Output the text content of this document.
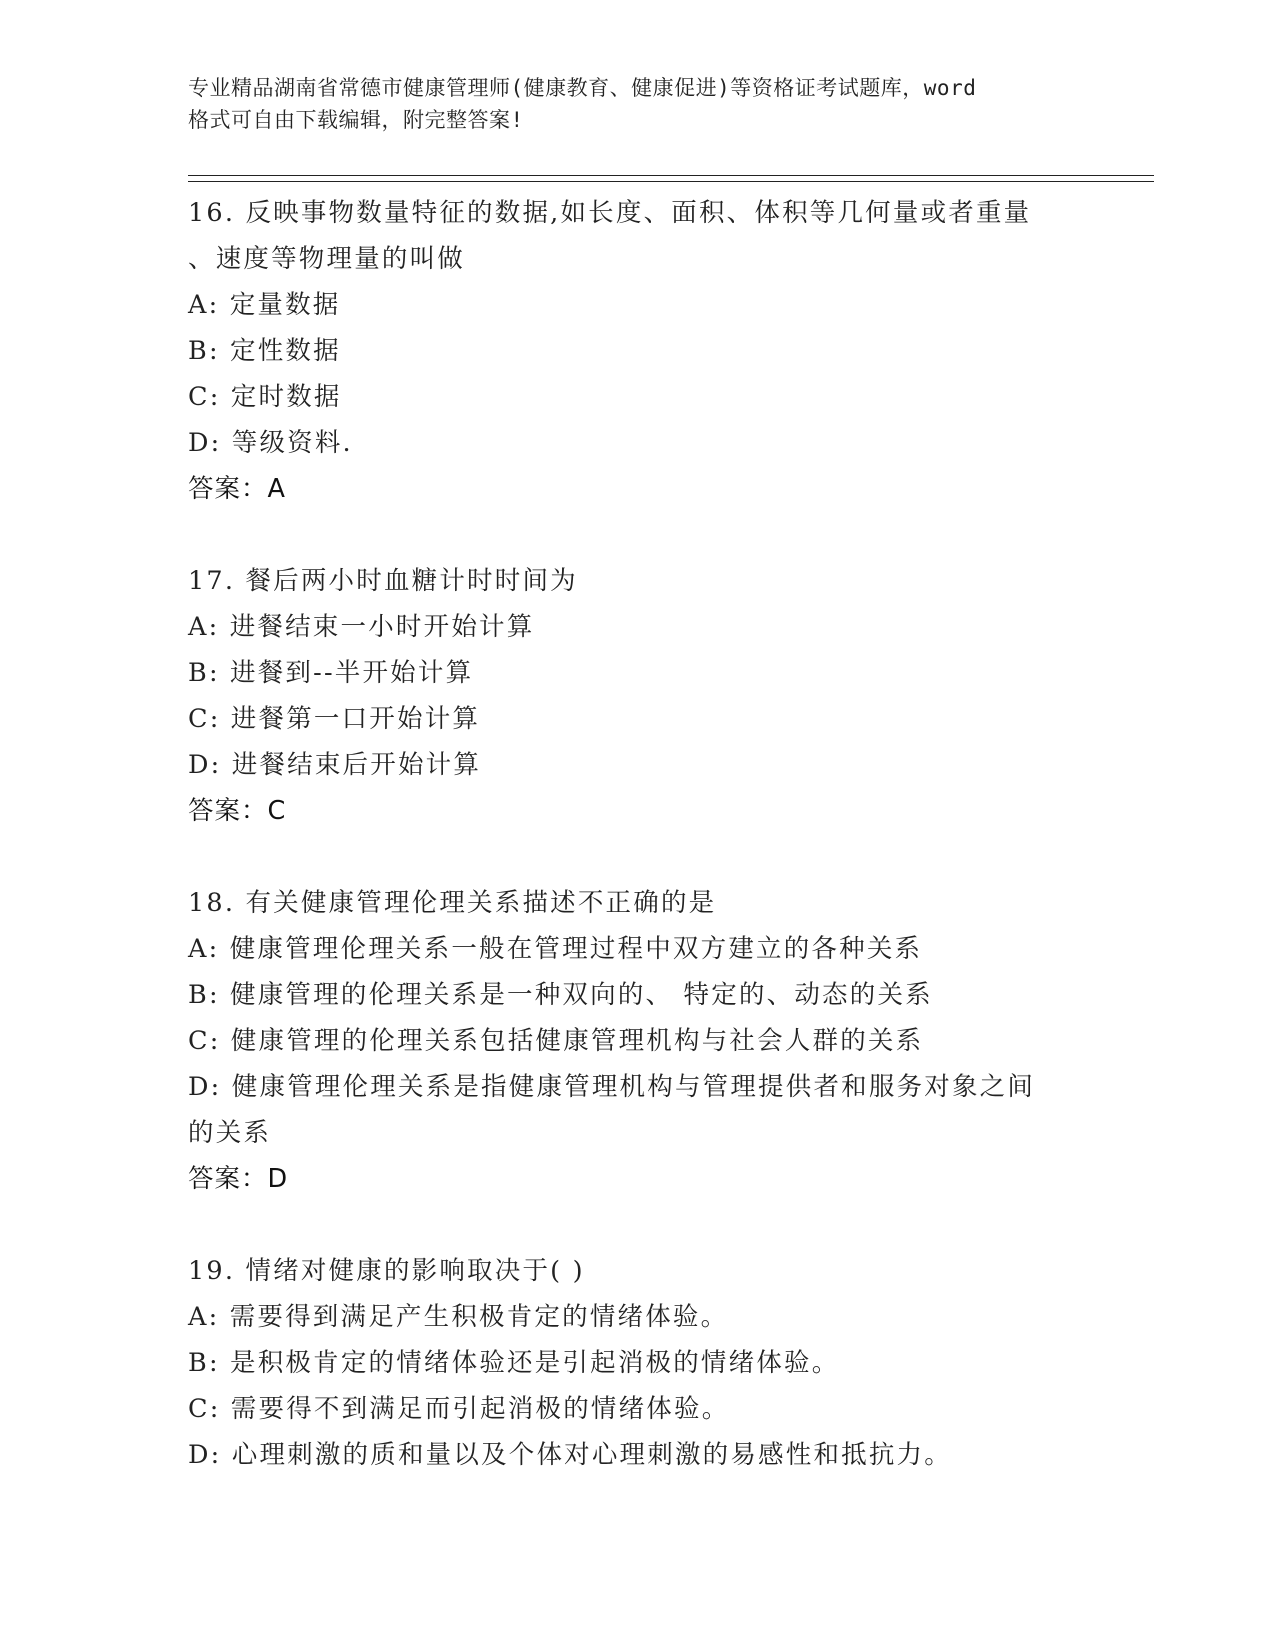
专业精品湖南省常德市健康管理师(健康教育、健康促进)等资格证考试题库，word
格式可自由下载编辑，附完整答案!
16. 反映事物数量特征的数据,如长度、面积、体积等几何量或者重量
、速度等物理量的叫做
A: 定量数据
B: 定性数据
C: 定时数据
D: 等级资料.
答案：A
17. 餐后两小时血糖计时时间为
A: 进餐结束一小时开始计算
B: 进餐到--半开始计算
C: 进餐第一口开始计算
D: 进餐结束后开始计算
答案：C
18. 有关健康管理伦理关系描述不正确的是
A: 健康管理伦理关系一般在管理过程中双方建立的各种关系
B: 健康管理的伦理关系是一种双向的、 特定的、动态的关系
C: 健康管理的伦理关系包括健康管理机构与社会人群的关系
D: 健康管理伦理关系是指健康管理机构与管理提供者和服务对象之间
的关系
答案：D
19. 情绪对健康的影响取决于( )
A: 需要得到满足产生积极肯定的情绪体验。
B: 是积极肯定的情绪体验还是引起消极的情绪体验。
C: 需要得不到满足而引起消极的情绪体验。
D: 心理刺激的质和量以及个体对心理刺激的易感性和抵抗力。
